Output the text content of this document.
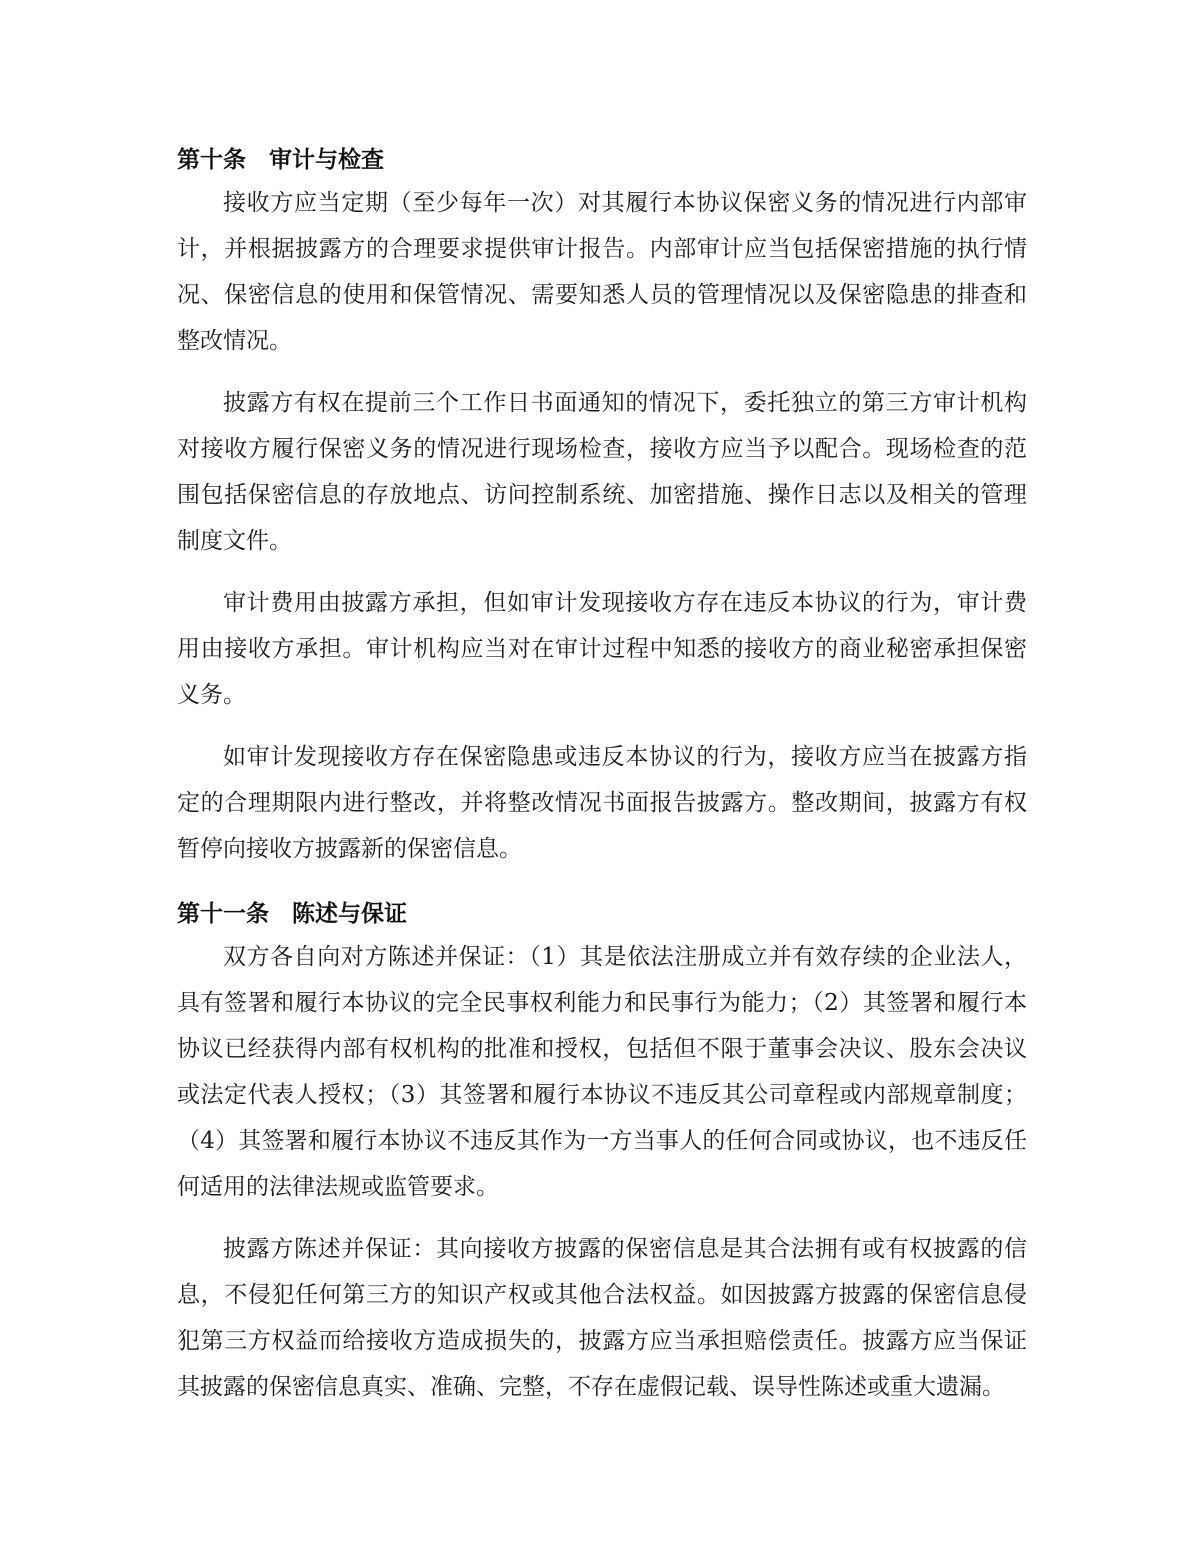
第十条　审计与检查

接收方应当定期（至少每年一次）对其履行本协议保密义务的情况进行内部审计，并根据披露方的合理要求提供审计报告。内部审计应当包括保密措施的执行情况、保密信息的使用和保管情况、需要知悉人员的管理情况以及保密隐患的排查和整改情况。

披露方有权在提前三个工作日书面通知的情况下，委托独立的第三方审计机构对接收方履行保密义务的情况进行现场检查，接收方应当予以配合。现场检查的范围包括保密信息的存放地点、访问控制系统、加密措施、操作日志以及相关的管理制度文件。

审计费用由披露方承担，但如审计发现接收方存在违反本协议的行为，审计费用由接收方承担。审计机构应当对在审计过程中知悉的接收方的商业秘密承担保密义务。

如审计发现接收方存在保密隐患或违反本协议的行为，接收方应当在披露方指定的合理期限内进行整改，并将整改情况书面报告披露方。整改期间，披露方有权暂停向接收方披露新的保密信息。

第十一条　陈述与保证

双方各自向对方陈述并保证：（1）其是依法注册成立并有效存续的企业法人，具有签署和履行本协议的完全民事权利能力和民事行为能力；（2）其签署和履行本协议已经获得内部有权机构的批准和授权，包括但不限于董事会决议、股东会决议或法定代表人授权；（3）其签署和履行本协议不违反其公司章程或内部规章制度；（4）其签署和履行本协议不违反其作为一方当事人的任何合同或协议，也不违反任何适用的法律法规或监管要求。

披露方陈述并保证：其向接收方披露的保密信息是其合法拥有或有权披露的信息，不侵犯任何第三方的知识产权或其他合法权益。如因披露方披露的保密信息侵犯第三方权益而给接收方造成损失的，披露方应当承担赔偿责任。披露方应当保证其披露的保密信息真实、准确、完整，不存在虚假记载、误导性陈述或重大遗漏。
